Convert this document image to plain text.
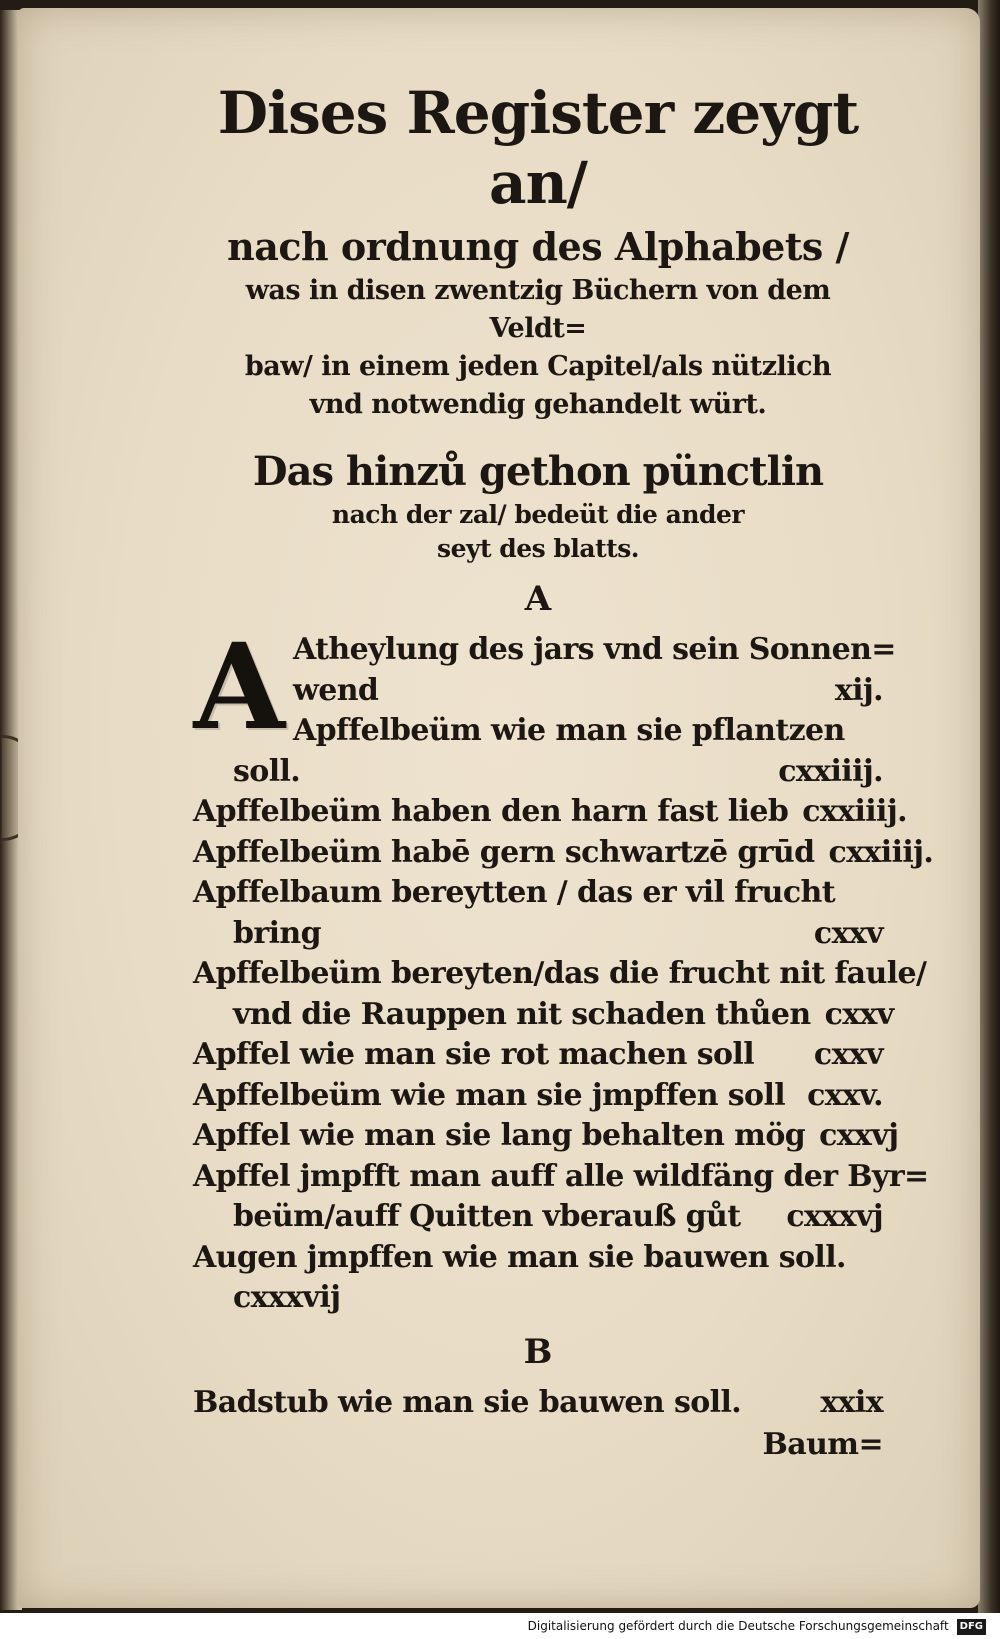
Dises Register zeygt an/
nach ordnung des Alphabets /
was in disen zwentzig Büchern von dem Veldt=
baw/ in einem jeden Capitel/als nützlich
vnd notwendig gehandelt würt.
Das hinzů gethon pünctlin
nach der zal/ bedeüt die ander
seyt des blatts.
A
A Atheylung des jars vnd sein Sonnen=
wend	xij.
Apffelbeüm wie man sie pflantzen
soll.	cxxiiij.
Apffelbeüm haben den harn fast lieb cxxiiij.
Apffelbeüm habē gern schwartzē grūd cxxiiij.
Apffelbaum bereytten / das er vil frucht
bring	cxxv
Apffelbeüm bereyten/das die frucht nit faule/
vnd die Rauppen nit schaden thůen cxxv
Apffel wie man sie rot machen soll cxxv
Apffelbeüm wie man sie jmpffen soll cxxv.
Apffel wie man sie lang behalten mög cxxvj
Apffel jmpfft man auff alle wildfäng der Byr=
beüm/auff Quitten vberauß gůt cxxxvj
Augen jmpffen wie man sie bauwen soll.
cxxxvij
B
Badstub wie man sie bauwen soll.	xxix
Baum=
Digitalisierung gefördert durch die Deutsche Forschungsgemeinschaft DFG
